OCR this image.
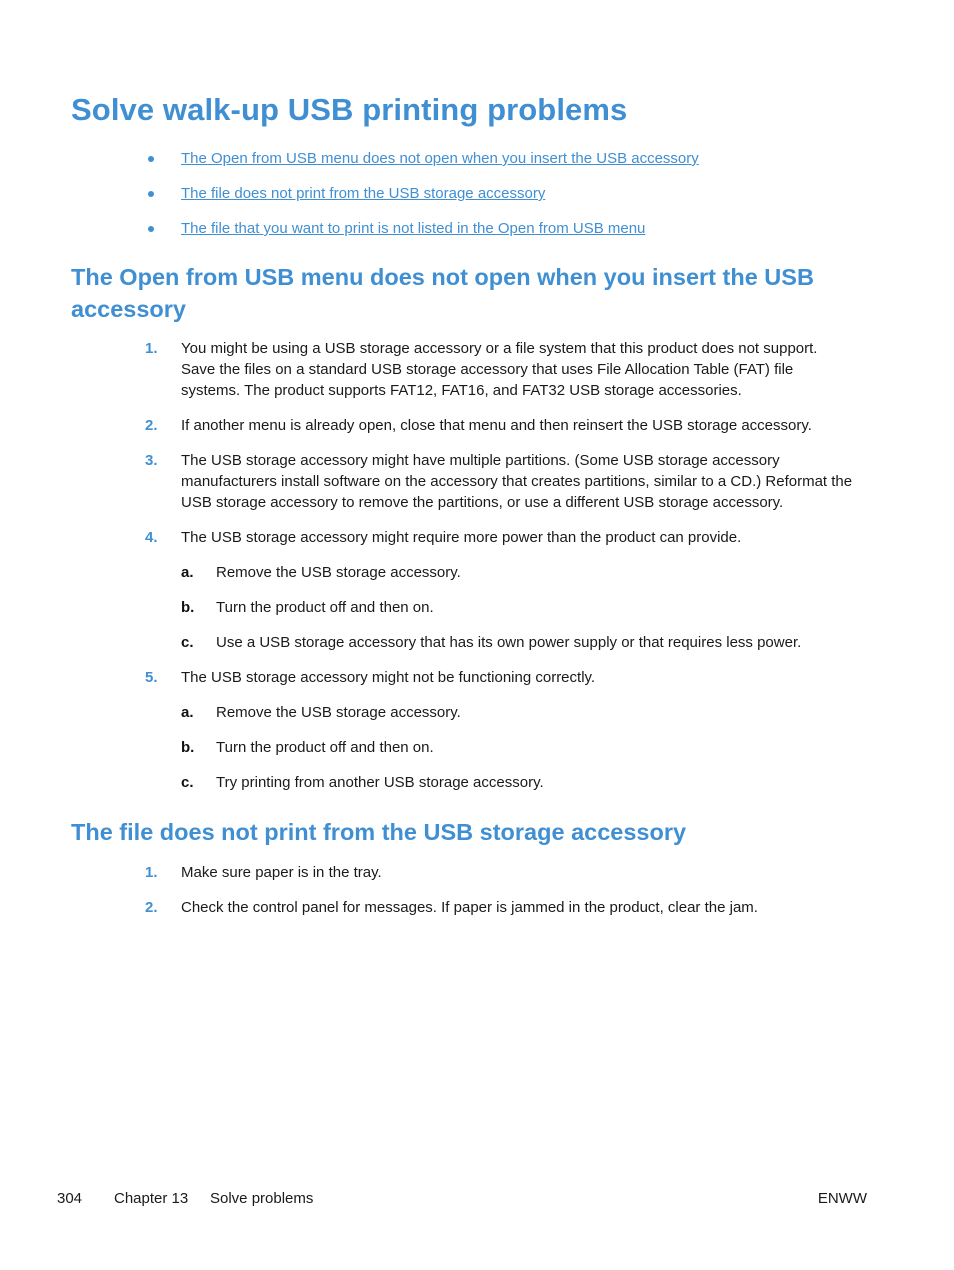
Solve walk-up USB printing problems
The Open from USB menu does not open when you insert the USB accessory
The file does not print from the USB storage accessory
The file that you want to print is not listed in the Open from USB menu
The Open from USB menu does not open when you insert the USB accessory
1. You might be using a USB storage accessory or a file system that this product does not support. Save the files on a standard USB storage accessory that uses File Allocation Table (FAT) file systems. The product supports FAT12, FAT16, and FAT32 USB storage accessories.
2. If another menu is already open, close that menu and then reinsert the USB storage accessory.
3. The USB storage accessory might have multiple partitions. (Some USB storage accessory manufacturers install software on the accessory that creates partitions, similar to a CD.) Reformat the USB storage accessory to remove the partitions, or use a different USB storage accessory.
4. The USB storage accessory might require more power than the product can provide.
a. Remove the USB storage accessory.
b. Turn the product off and then on.
c. Use a USB storage accessory that has its own power supply or that requires less power.
5. The USB storage accessory might not be functioning correctly.
a. Remove the USB storage accessory.
b. Turn the product off and then on.
c. Try printing from another USB storage accessory.
The file does not print from the USB storage accessory
1. Make sure paper is in the tray.
2. Check the control panel for messages. If paper is jammed in the product, clear the jam.
304 Chapter 13 Solve problems	ENWW
